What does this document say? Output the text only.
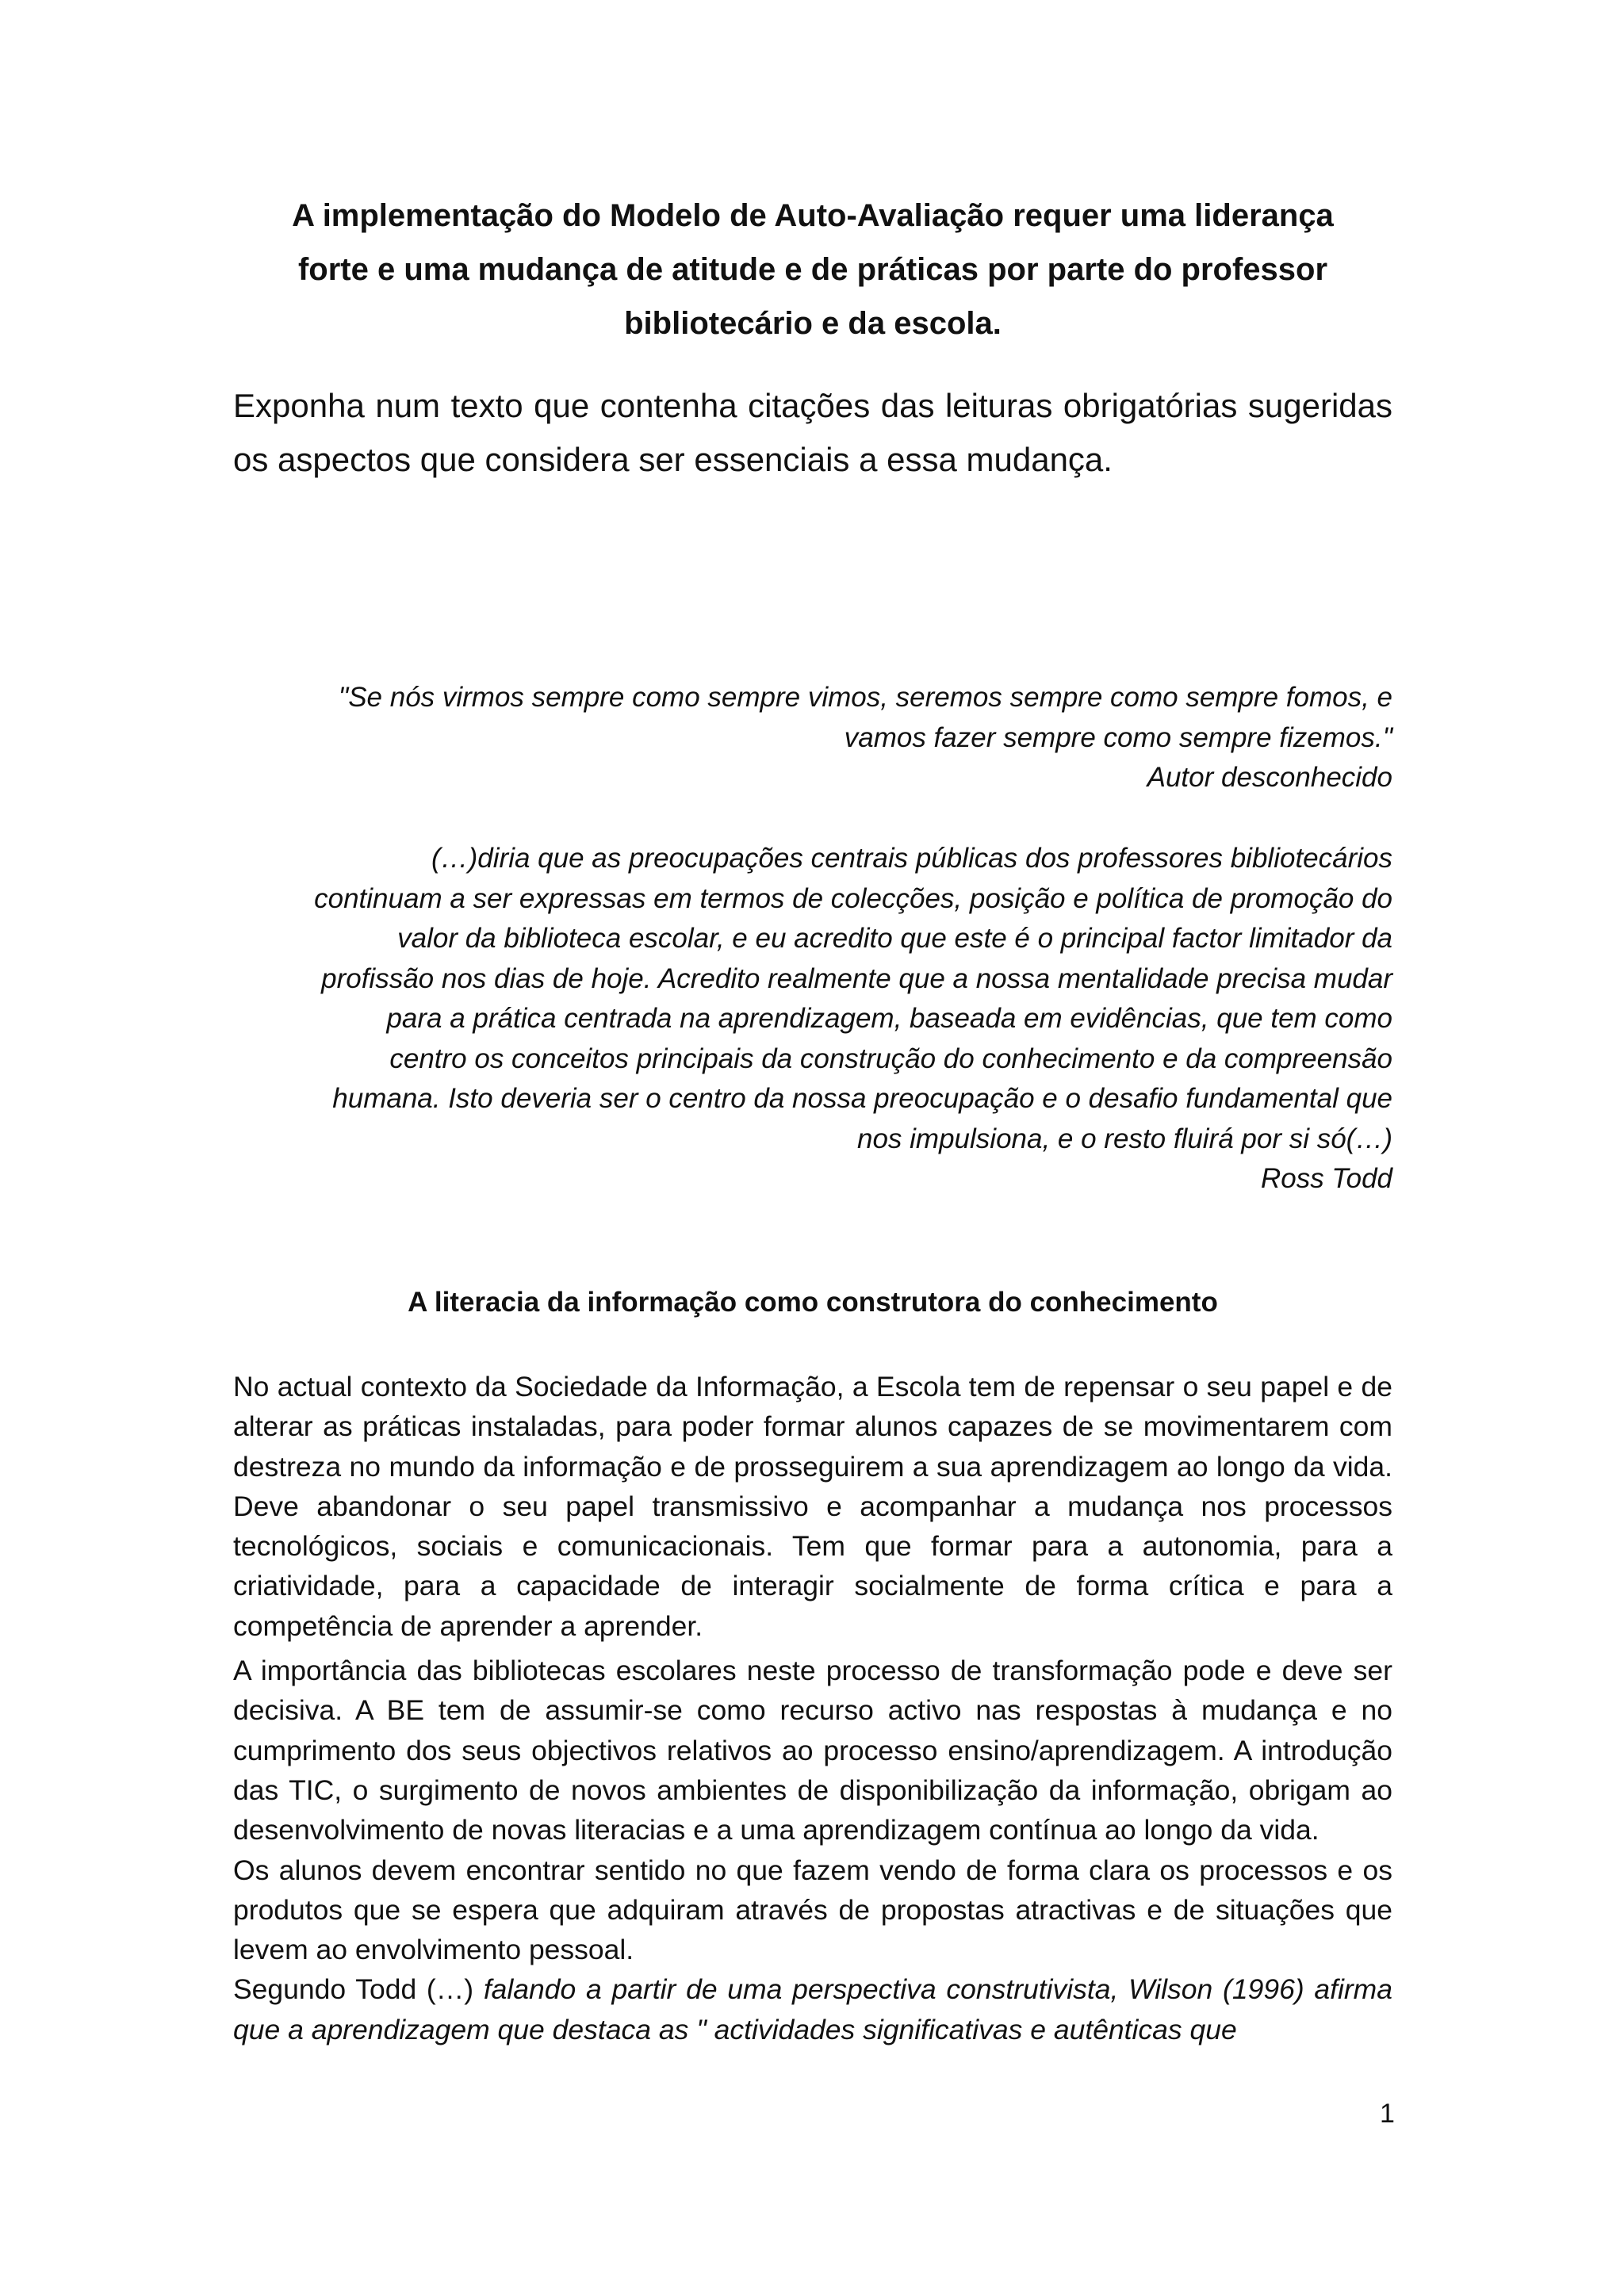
A implementação do Modelo de Auto-Avaliação requer uma liderança
forte e uma mudança de atitude e de práticas por parte do professor
bibliotecário e da escola.

Exponha num texto que contenha citações das leituras obrigatórias sugeridas os aspectos que considera ser essenciais a essa mudança.

"Se nós virmos sempre como sempre vimos, seremos sempre como sempre fomos, e
vamos fazer sempre como sempre fizemos."
Autor desconhecido
(…)diria que as preocupações centrais públicas dos professores bibliotecários
continuam a ser expressas em termos de colecções, posição e política de promoção do
valor da biblioteca escolar, e eu acredito que este é o principal factor limitador da
profissão nos dias de hoje. Acredito realmente que a nossa mentalidade precisa mudar
para a prática centrada na aprendizagem, baseada em evidências, que tem como
centro os conceitos principais da construção do conhecimento e da compreensão
humana. Isto deveria ser o centro da nossa preocupação e o desafio fundamental que
nos impulsiona, e o resto fluirá por si só(…)
Ross Todd
A literacia da informação como construtora do conhecimento

No actual contexto da Sociedade da Informação, a Escola tem de repensar o seu papel e de alterar as práticas instaladas, para poder formar alunos capazes de se movimentarem com destreza no mundo da informação e de prosseguirem a sua aprendizagem ao longo da vida. Deve abandonar o seu papel transmissivo e acompanhar a mudança nos processos tecnológicos, sociais e comunicacionais. Tem que formar para a autonomia, para a criatividade, para a capacidade de interagir socialmente de forma crítica e para a competência de aprender a aprender.

A importância das bibliotecas escolares neste processo de transformação pode e deve ser decisiva. A BE tem de assumir-se como recurso activo nas respostas à mudança e no cumprimento dos seus objectivos relativos ao processo ensino/aprendizagem. A introdução das TIC, o surgimento de novos ambientes de disponibilização da informação, obrigam ao desenvolvimento de novas literacias e a uma aprendizagem contínua ao longo da vida.

Os alunos devem encontrar sentido no que fazem vendo de forma clara os processos e os produtos que se espera que adquiram através de propostas atractivas e de situações que levem ao envolvimento pessoal.

Segundo Todd (…) falando a partir de uma perspectiva construtivista, Wilson (1996) afirma que a aprendizagem que destaca as " actividades significativas e autênticas que

1
